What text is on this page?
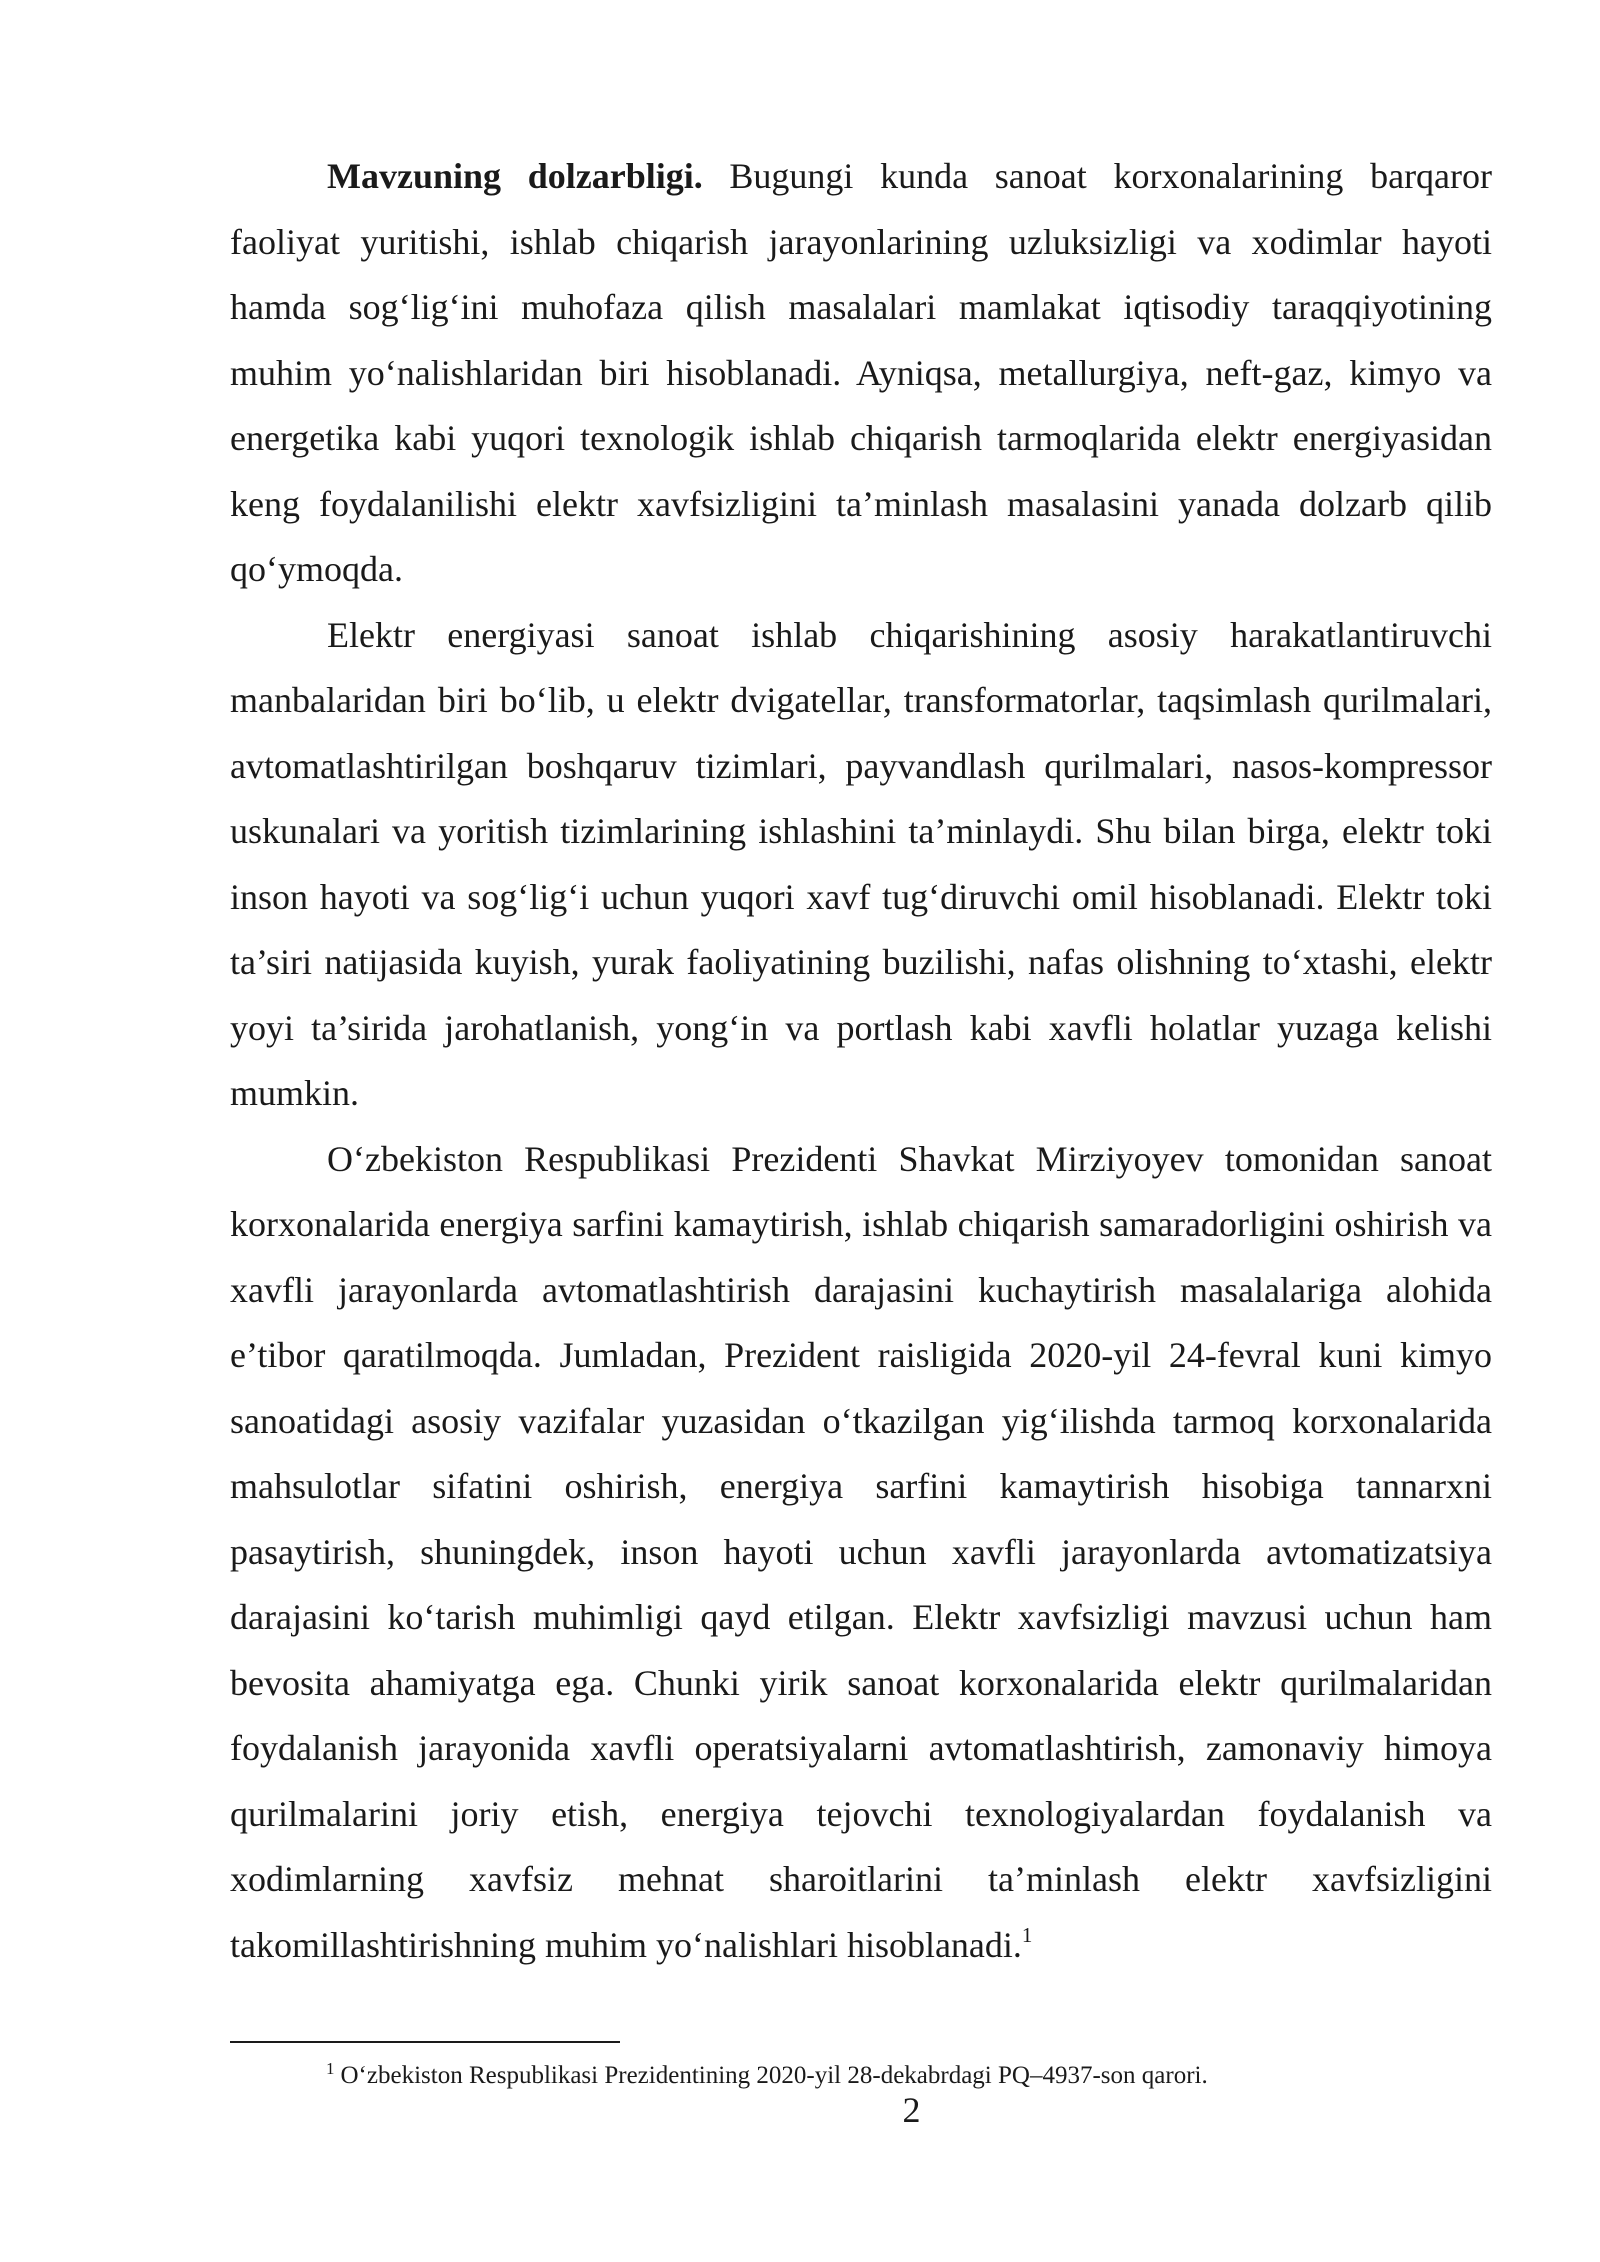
Mavzuning dolzarbligi. Bugungi kunda sanoat korxonalarining barqaror faoliyat yuritishi, ishlab chiqarish jarayonlarining uzluksizligi va xodimlar hayoti hamda sog‘lig‘ini muhofaza qilish masalalari mamlakat iqtisodiy taraqqiyotining muhim yo‘nalishlaridan biri hisoblanadi. Ayniqsa, metallurgiya, neft-gaz, kimyo va energetika kabi yuqori texnologik ishlab chiqarish tarmoqlarida elektr energiyasidan keng foydalanilishi elektr xavfsizligini ta’minlash masalasini yanada dolzarb qilib qo‘ymoqda.

Elektr energiyasi sanoat ishlab chiqarishining asosiy harakatlantiruvchi manbalaridan biri bo‘lib, u elektr dvigatellar, transformatorlar, taqsimlash qurilmalari, avtomatlashtirilgan boshqaruv tizimlari, payvandlash qurilmalari, nasos-kompressor uskunalari va yoritish tizimlarining ishlashini ta’minlaydi. Shu bilan birga, elektr toki inson hayoti va sog‘lig‘i uchun yuqori xavf tug‘diruvchi omil hisoblanadi. Elektr toki ta’siri natijasida kuyish, yurak faoliyatining buzilishi, nafas olishning to‘xtashi, elektr yoyi ta’sirida jarohatlanish, yong‘in va portlash kabi xavfli holatlar yuzaga kelishi mumkin.

O‘zbekiston Respublikasi Prezidenti Shavkat Mirziyoyev tomonidan sanoat korxonalarida energiya sarfini kamaytirish, ishlab chiqarish samaradorligini oshirish va xavfli jarayonlarda avtomatlashtirish darajasini kuchaytirish masalalariga alohida e’tibor qaratilmoqda. Jumladan, Prezident raisligida 2020-yil 24-fevral kuni kimyo sanoatidagi asosiy vazifalar yuzasidan o‘tkazilgan yig‘ilishda tarmoq korxonalarida mahsulotlar sifatini oshirish, energiya sarfini kamaytirish hisobiga tannarxni pasaytirish, shuningdek, inson hayoti uchun xavfli jarayonlarda avtomatizatsiya darajasini ko‘tarish muhimligi qayd etilgan. Elektr xavfsizligi mavzusi uchun ham bevosita ahamiyatga ega. Chunki yirik sanoat korxonalarida elektr qurilmalaridan foydalanish jarayonida xavfli operatsiyalarni avtomatlashtirish, zamonaviy himoya qurilmalarini joriy etish, energiya tejovchi texnologiyalardan foydalanish va xodimlarning xavfsiz mehnat sharoitlarini ta’minlash elektr xavfsizligini takomillashtirishning muhim yo‘nalishlari hisoblanadi.$^1$

$^1$ O‘zbekiston Respublikasi Prezidentining 2020-yil 28-dekabrdagi PQ–4937-son qarori.

2
